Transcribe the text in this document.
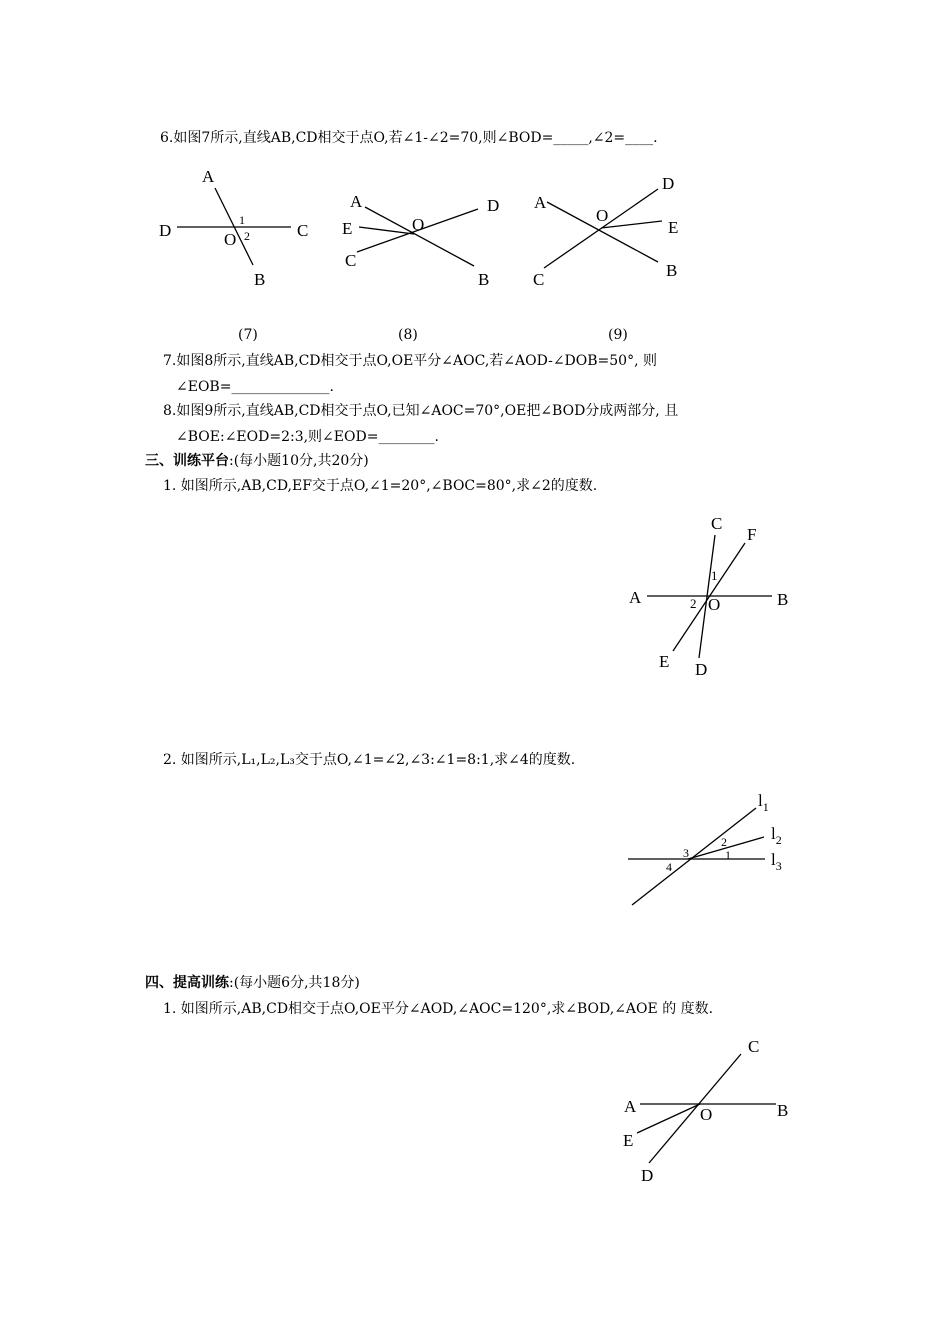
6.如图7所示,直线AB,CD相交于点O,若∠1-∠2=70,则∠BOD=_____,∠2=____.
A
D	C
O
B
1
2
A	D
E	O
C
B
A
D
O
E
B
C
C
F
A	O	B
E D
1
2
$l_1$
$l_2$
$l_3$
2
3	1
4
C
A	O	B
E
D
(7)	(8)	(9)
7.如图8所示,直线AB,CD相交于点O,OE平分∠AOC,若∠AOD-∠DOB=50°, 则
∠EOB=______________.
8.如图9所示,直线AB,CD相交于点O,已知∠AOC=70°,OE把∠BOD分成两部分, 且
∠BOE:∠EOD=2:3,则∠EOD=________.
三、训练平台:(每小题10分,共20分)
1. 如图所示,AB,CD,EF交于点O,∠1=20°,∠BOC=80°,求∠2的度数.
2. 如图所示,L₁,L₂,L₃交于点O,∠1=∠2,∠3:∠1=8:1,求∠4的度数.
四、提高训练:(每小题6分,共18分)
1. 如图所示,AB,CD相交于点O,OE平分∠AOD,∠AOC=120°,求∠BOD,∠AOE 的 度数.
